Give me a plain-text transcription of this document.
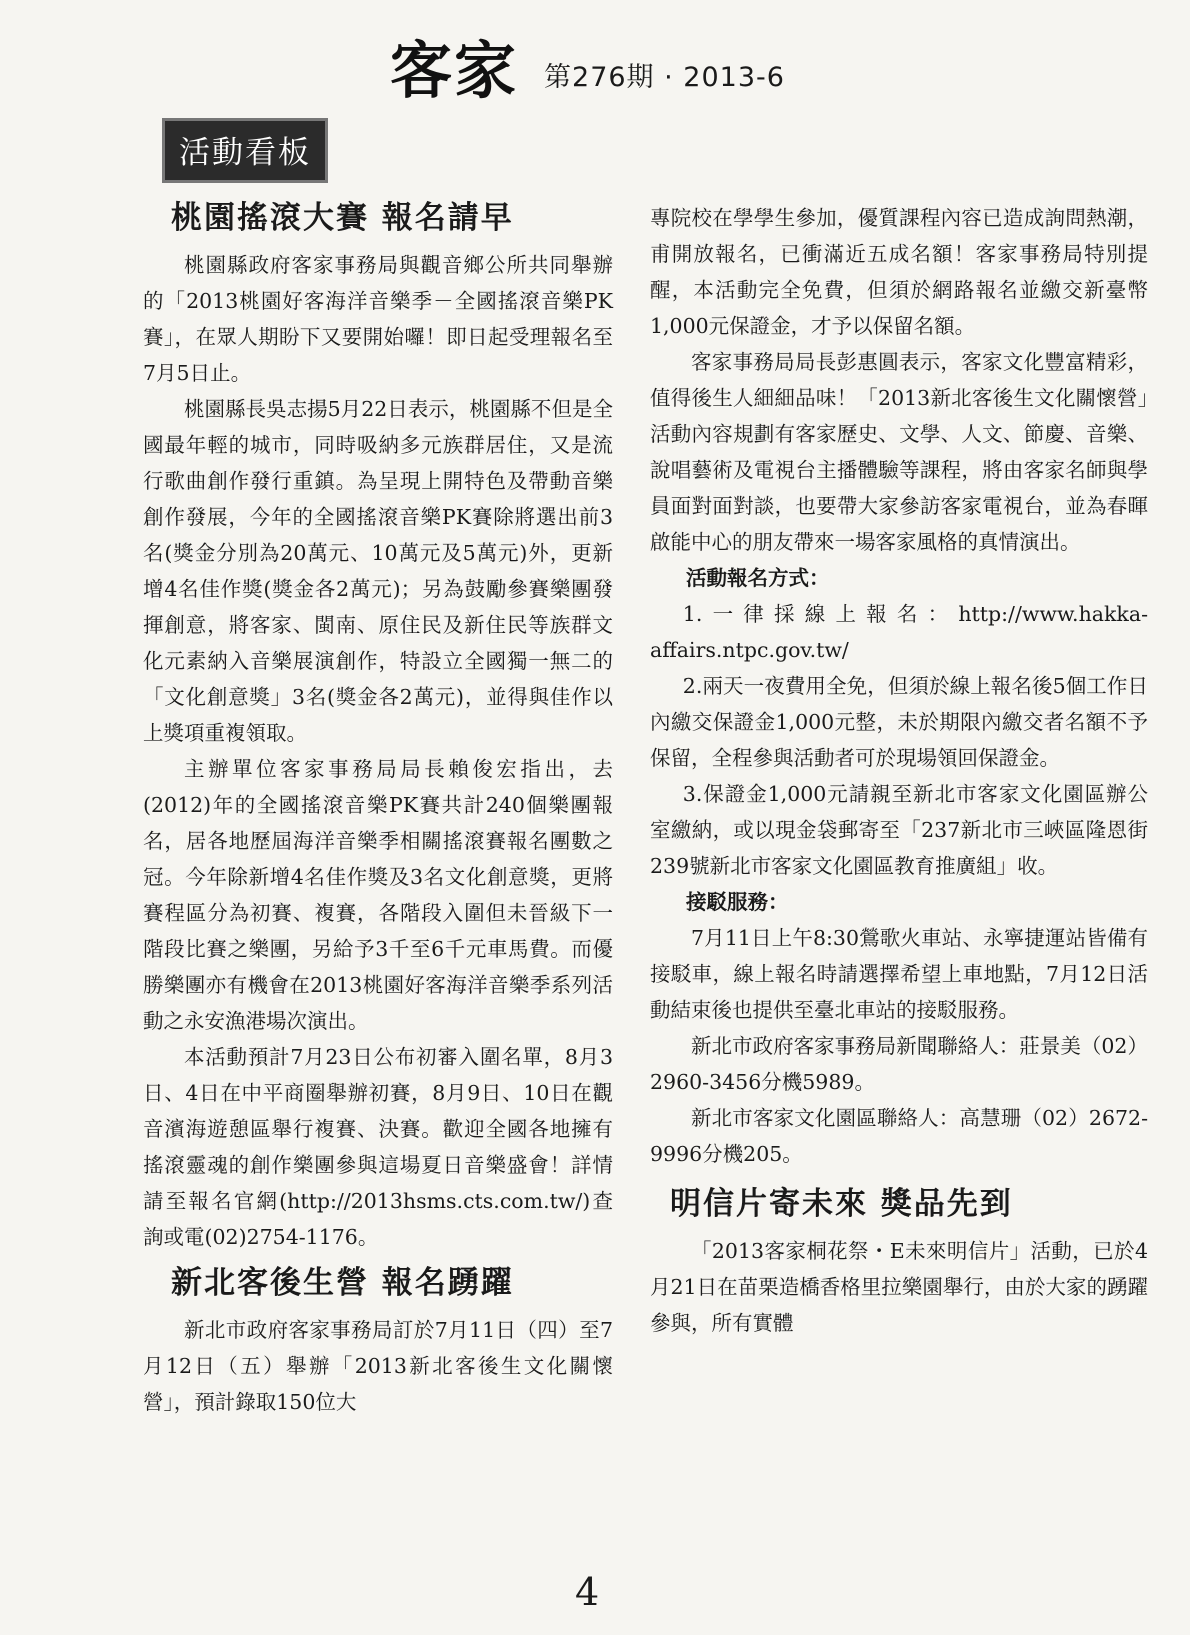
客家 第276期 · 2013-6
活動看板
桃園搖滾大賽 報名請早

桃園縣政府客家事務局與觀音鄉公所共同舉辦的「2013桃園好客海洋音樂季－全國搖滾音樂PK賽」，在眾人期盼下又要開始囉！即日起受理報名至7月5日止。

桃園縣長吳志揚5月22日表示，桃園縣不但是全國最年輕的城市，同時吸納多元族群居住，又是流行歌曲創作發行重鎮。為呈現上開特色及帶動音樂創作發展，今年的全國搖滾音樂PK賽除將選出前3名(獎金分別為20萬元、10萬元及5萬元)外，更新增4名佳作獎(獎金各2萬元)；另為鼓勵參賽樂團發揮創意，將客家、閩南、原住民及新住民等族群文化元素納入音樂展演創作，特設立全國獨一無二的「文化創意獎」3名(獎金各2萬元)，並得與佳作以上獎項重複領取。

主辦單位客家事務局局長賴俊宏指出，去(2012)年的全國搖滾音樂PK賽共計240個樂團報名，居各地歷屆海洋音樂季相關搖滾賽報名團數之冠。今年除新增4名佳作獎及3名文化創意獎，更將賽程區分為初賽、複賽，各階段入圍但未晉級下一階段比賽之樂團，另給予3千至6千元車馬費。而優勝樂團亦有機會在2013桃園好客海洋音樂季系列活動之永安漁港場次演出。

本活動預計7月23日公布初審入圍名單，8月3日、4日在中平商圈舉辦初賽，8月9日、10日在觀音濱海遊憩區舉行複賽、決賽。歡迎全國各地擁有搖滾靈魂的創作樂團參與這場夏日音樂盛會！詳情請至報名官網(http://2013hsms.cts.com.tw/)查詢或電(02)2754-1176。

新北客後生營 報名踴躍

新北市政府客家事務局訂於7月11日（四）至7月12日（五）舉辦「2013新北客後生文化關懷營」，預計錄取150位大

專院校在學學生參加，優質課程內容已造成詢問熱潮，甫開放報名，已衝滿近五成名額！客家事務局特別提醒，本活動完全免費，但須於網路報名並繳交新臺幣1,000元保證金，才予以保留名額。

客家事務局局長彭惠圓表示，客家文化豐富精彩，值得後生人細細品味！「2013新北客後生文化關懷營」活動內容規劃有客家歷史、文學、人文、節慶、音樂、說唱藝術及電視台主播體驗等課程，將由客家名師與學員面對面對談，也要帶大家參訪客家電視台，並為春暉啟能中心的朋友帶來一場客家風格的真情演出。

活動報名方式：

1.一律採線上報名：http://www.hakka-affairs.ntpc.gov.tw/

2.兩天一夜費用全免，但須於線上報名後5個工作日內繳交保證金1,000元整，未於期限內繳交者名額不予保留，全程參與活動者可於現場領回保證金。

3.保證金1,000元請親至新北市客家文化園區辦公室繳納，或以現金袋郵寄至「237新北市三峽區隆恩街239號新北市客家文化園區教育推廣組」收。

接駁服務：

7月11日上午8:30鶯歌火車站、永寧捷運站皆備有接駁車，線上報名時請選擇希望上車地點，7月12日活動結束後也提供至臺北車站的接駁服務。

新北市政府客家事務局新聞聯絡人：莊景美（02）2960-3456分機5989。

新北市客家文化園區聯絡人：高慧珊（02）2672-9996分機205。

明信片寄未來 獎品先到

「2013客家桐花祭・E未來明信片」活動，已於4月21日在苗栗造橋香格里拉樂園舉行，由於大家的踴躍參與，所有實體

4
